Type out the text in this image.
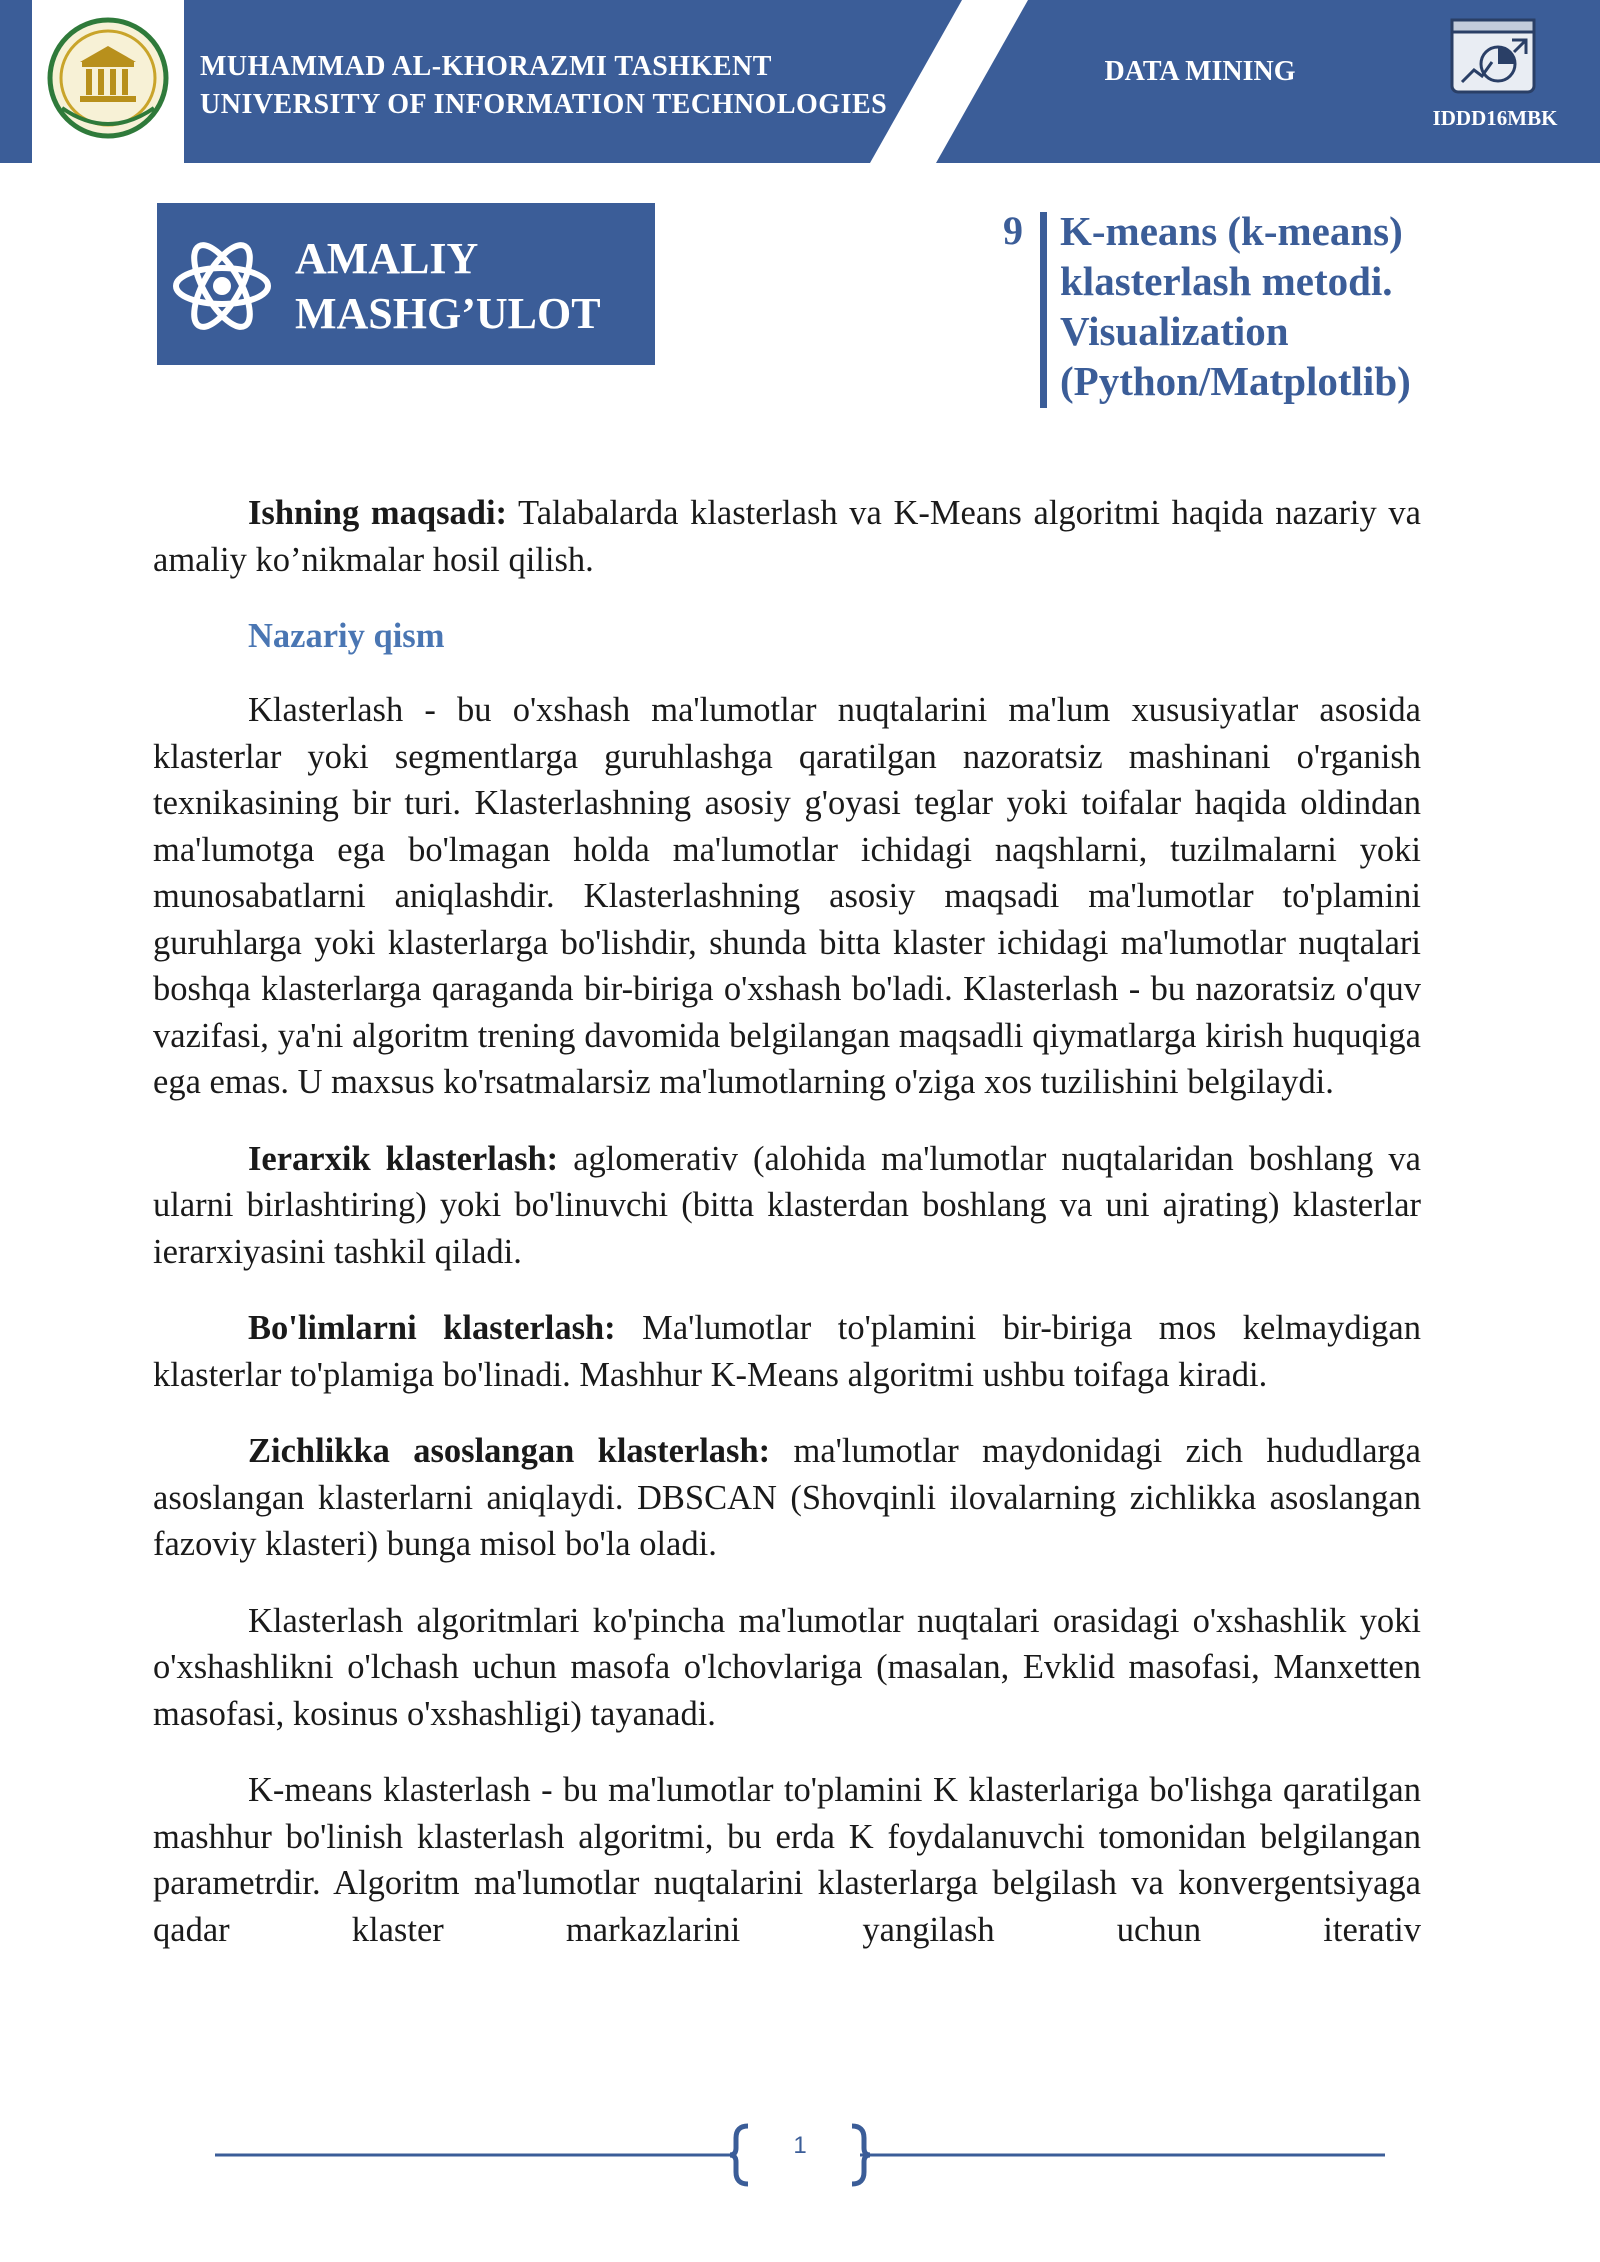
MUHAMMAD AL-KHORAZMI TASHKENT
UNIVERSITY OF INFORMATION TECHNOLOGIES
DATA MINING
IDDD16MBK
AMALIY
MASHG’ULOT
9 K-means (k-means)
klasterlash metodi.
Visualization
(Python/Matplotlib)

Ishning maqsadi: Talabalarda klasterlash va K-Means algoritmi haqida nazariy va amaliy ko’nikmalar hosil qilish.

Nazariy qism

Klasterlash - bu o'xshash ma'lumotlar nuqtalarini ma'lum xususiyatlar asosida klasterlar yoki segmentlarga guruhlashga qaratilgan nazoratsiz mashinani o'rganish texnikasining bir turi. Klasterlashning asosiy g'oyasi teglar yoki toifalar haqida oldindan ma'lumotga ega bo'lmagan holda ma'lumotlar ichidagi naqshlarni, tuzilmalarni yoki munosabatlarni aniqlashdir. Klasterlashning asosiy maqsadi ma'lumotlar to'plamini guruhlarga yoki klasterlarga bo'lishdir, shunda bitta klaster ichidagi ma'lumotlar nuqtalari boshqa klasterlarga qaraganda bir-biriga o'xshash bo'ladi. Klasterlash - bu nazoratsiz o'quv vazifasi, ya'ni algoritm trening davomida belgilangan maqsadli qiymatlarga kirish huquqiga ega emas. U maxsus ko'rsatmalarsiz ma'lumotlarning o'ziga xos tuzilishini belgilaydi.

Ierarxik klasterlash: aglomerativ (alohida ma'lumotlar nuqtalaridan boshlang va ularni birlashtiring) yoki bo'linuvchi (bitta klasterdan boshlang va uni ajrating) klasterlar ierarxiyasini tashkil qiladi.

Bo'limlarni klasterlash: Ma'lumotlar to'plamini bir-biriga mos kelmaydigan klasterlar to'plamiga bo'linadi. Mashhur K-Means algoritmi ushbu toifaga kiradi.

Zichlikka asoslangan klasterlash: ma'lumotlar maydonidagi zich hududlarga asoslangan klasterlarni aniqlaydi. DBSCAN (Shovqinli ilovalarning zichlikka asoslangan fazoviy klasteri) bunga misol bo'la oladi.

Klasterlash algoritmlari ko'pincha ma'lumotlar nuqtalari orasidagi o'xshashlik yoki o'xshashlikni o'lchash uchun masofa o'lchovlariga (masalan, Evklid masofasi, Manxetten masofasi, kosinus o'xshashligi) tayanadi.

K-means klasterlash - bu ma'lumotlar to'plamini K klasterlariga bo'lishga qaratilgan mashhur bo'linish klasterlash algoritmi, bu erda K foydalanuvchi tomonidan belgilangan parametrdir. Algoritm ma'lumotlar nuqtalarini klasterlarga belgilash va konvergentsiyaga qadar klaster markazlarini yangilash uchun iterativ

1
